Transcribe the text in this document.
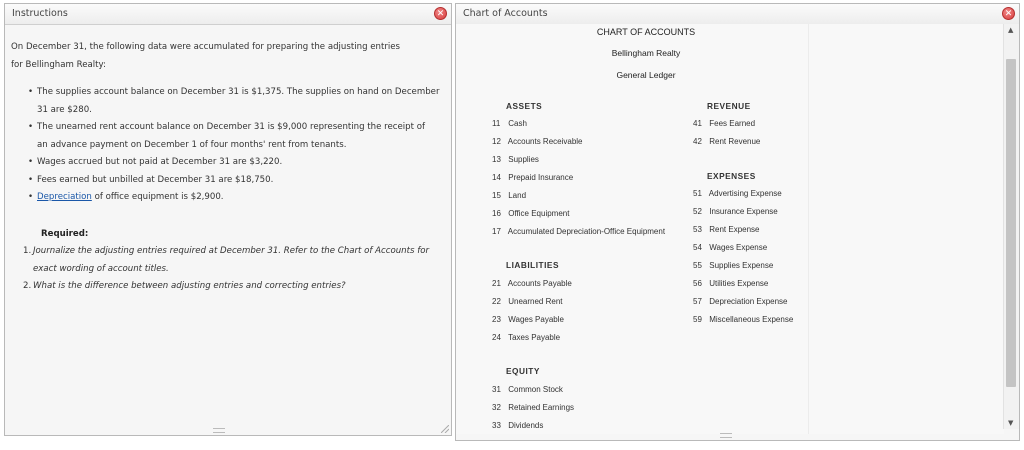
Instructions	✕

On December 31, the following data were accumulated for preparing the adjusting entries for Bellingham Realty:

• The supplies account balance on December 31 is $1,375. The supplies on hand on December 31 are $280.
• The unearned rent account balance on December 31 is $9,000 representing the receipt of an advance payment on December 1 of four months' rent from tenants.
• Wages accrued but not paid at December 31 are $3,220.
• Fees earned but unbilled at December 31 are $18,750.
• Depreciation of office equipment is $2,900.
Required:
1. Journalize the adjusting entries required at December 31. Refer to the Chart of Accounts for exact wording of account titles.
2. What is the difference between adjusting entries and correcting entries?
Chart of Accounts	✕
CHART OF ACCOUNTS
Bellingham Realty
General Ledger
ASSETS
11 Cash
12 Accounts Receivable
13 Supplies
14 Prepaid Insurance
15 Land
16 Office Equipment
17 Accumulated Depreciation-Office Equipment
LIABILITIES
21 Accounts Payable
22 Unearned Rent
23 Wages Payable
24 Taxes Payable
EQUITY
31 Common Stock
32 Retained Earnings
33 Dividends
REVENUE
41 Fees Earned
42 Rent Revenue
EXPENSES
51 Advertising Expense
52 Insurance Expense
53 Rent Expense
54 Wages Expense
55 Supplies Expense
56 Utilities Expense
57 Depreciation Expense
59 Miscellaneous Expense
▲
▼
